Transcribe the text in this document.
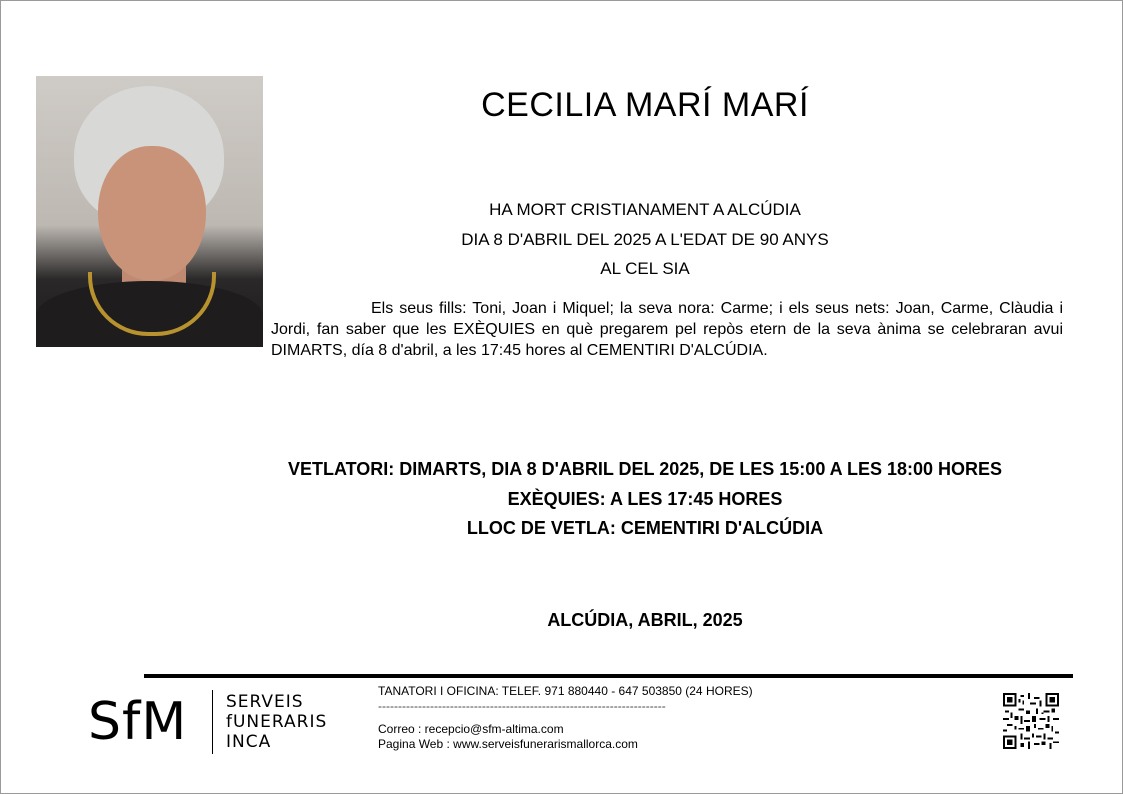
CECILIA MARÍ MARÍ
HA MORT CRISTIANAMENT A ALCÚDIA
DIA 8 D'ABRIL DEL 2025 A L'EDAT DE 90 ANYS
AL CEL SIA
Els seus fills: Toni, Joan i Miquel; la seva nora: Carme; i els seus nets: Joan, Carme, Clàudia i Jordi, fan saber que les EXÈQUIES en què pregarem pel repòs etern de la seva ànima se celebraran avui DIMARTS, día 8 d'abril, a les 17:45 hores al CEMENTIRI D'ALCÚDIA.
VETLATORI: DIMARTS, DIA 8 D'ABRIL DEL 2025, DE LES 15:00 A LES 18:00 HORES
EXÈQUIES: A LES 17:45 HORES
LLOC DE VETLA: CEMENTIRI D'ALCÚDIA
ALCÚDIA, ABRIL, 2025
SfM SERVEIS
fUNERARIS
INCA
TANATORI I OFICINA: TELEF. 971 880440 - 647 503850 (24 HORES)
------------------------------------------------------------------------
Correo : recepcio@sfm-altima.com
Pagina Web : www.serveisfunerarismallorca.com
